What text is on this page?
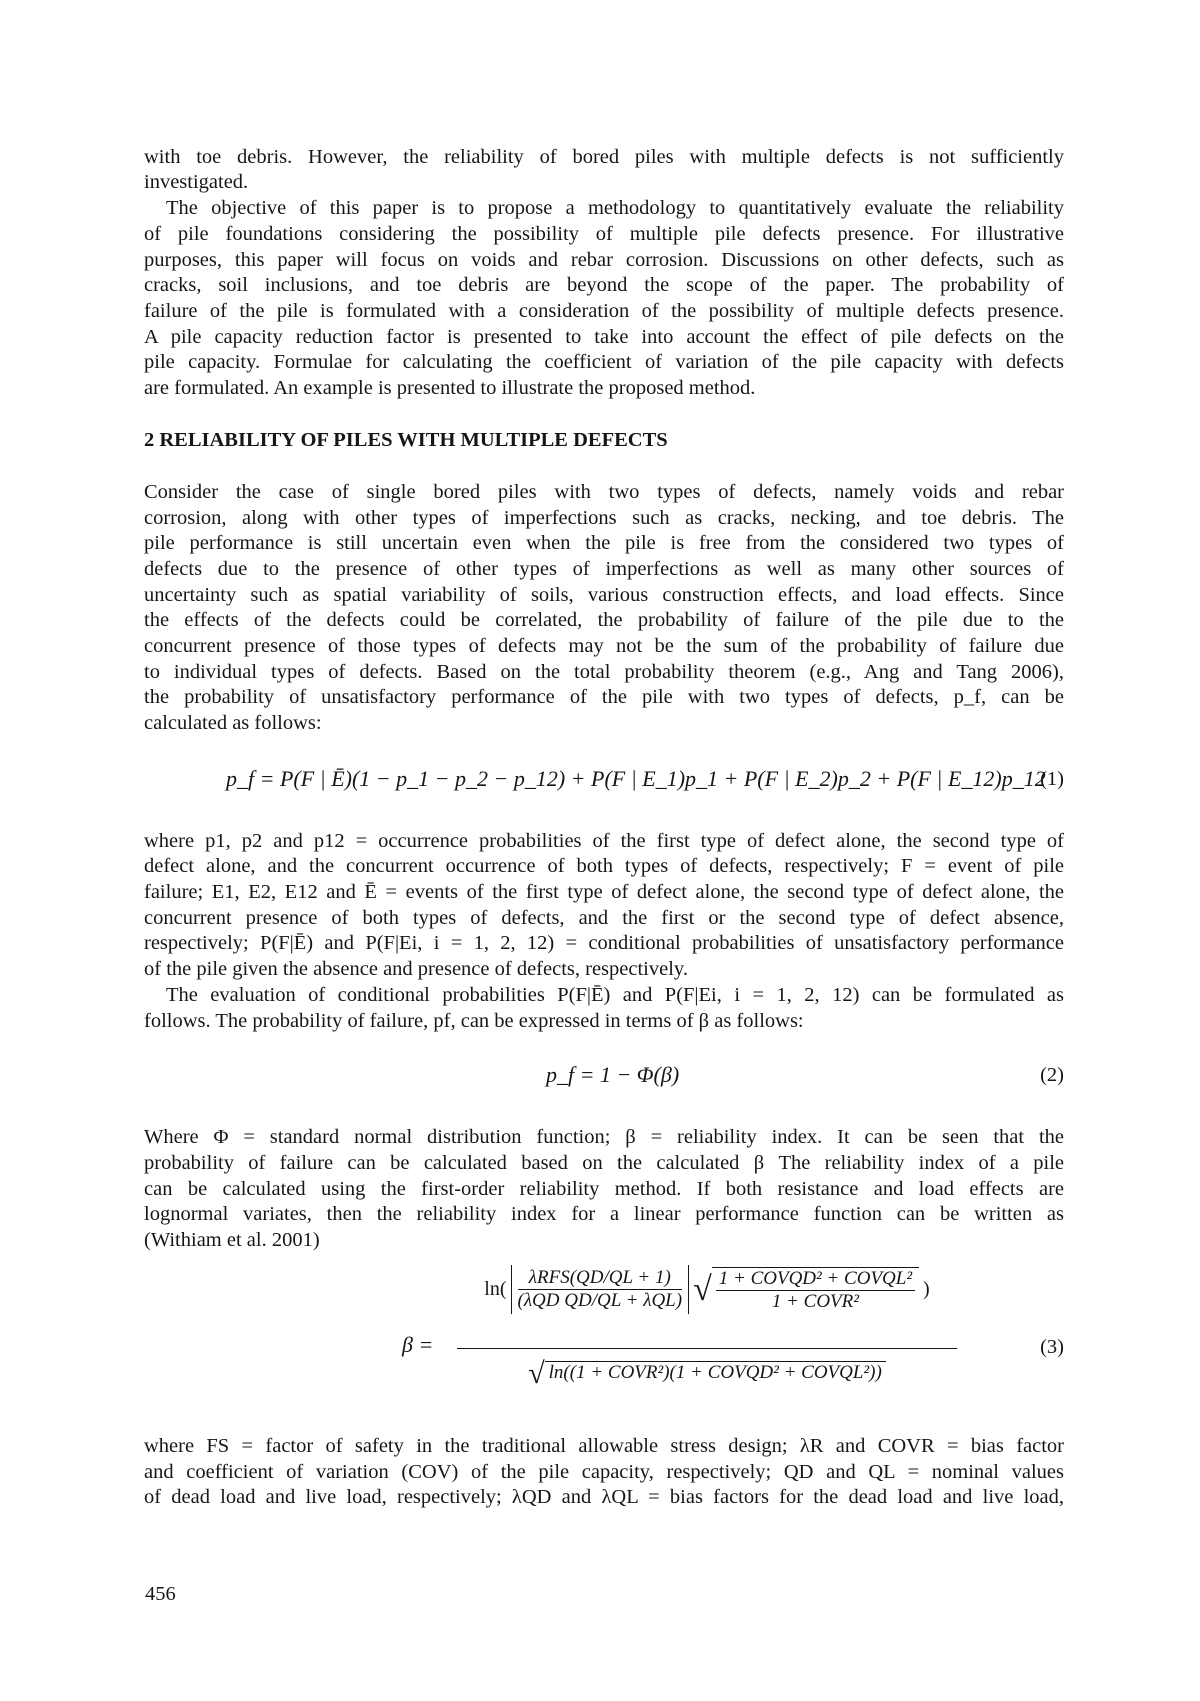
with toe debris. However, the reliability of bored piles with multiple defects is not sufficiently
investigated.
The objective of this paper is to propose a methodology to quantitatively evaluate the reliability
of pile foundations considering the possibility of multiple pile defects presence. For illustrative
purposes, this paper will focus on voids and rebar corrosion. Discussions on other defects, such as
cracks, soil inclusions, and toe debris are beyond the scope of the paper. The probability of
failure of the pile is formulated with a consideration of the possibility of multiple defects presence.
A pile capacity reduction factor is presented to take into account the effect of pile defects on the
pile capacity. Formulae for calculating the coefficient of variation of the pile capacity with defects
are formulated. An example is presented to illustrate the proposed method.
2 RELIABILITY OF PILES WITH MULTIPLE DEFECTS
Consider the case of single bored piles with two types of defects, namely voids and rebar
corrosion, along with other types of imperfections such as cracks, necking, and toe debris. The
pile performance is still uncertain even when the pile is free from the considered two types of
defects due to the presence of other types of imperfections as well as many other sources of
uncertainty such as spatial variability of soils, various construction effects, and load effects. Since
the effects of the defects could be correlated, the probability of failure of the pile due to the
concurrent presence of those types of defects may not be the sum of the probability of failure due
to individual types of defects. Based on the total probability theorem (e.g., Ang and Tang 2006),
the probability of unsatisfactory performance of the pile with two types of defects, p_f, can be
calculated as follows:
p_f = P(F | Ē)(1 − p_1 − p_2 − p_12) + P(F | E_1)p_1 + P(F | E_2)p_2 + P(F | E_12)p_12
(1)
where p1, p2 and p12 = occurrence probabilities of the first type of defect alone, the second type of
defect alone, and the concurrent occurrence of both types of defects, respectively; F = event of pile
failure; E1, E2, E12 and Ē = events of the first type of defect alone, the second type of defect alone, the
concurrent presence of both types of defects, and the first or the second type of defect absence,
respectively; P(F|Ē) and P(F|Ei, i = 1, 2, 12) = conditional probabilities of unsatisfactory performance
of the pile given the absence and presence of defects, respectively.
The evaluation of conditional probabilities P(F|Ē) and P(F|Ei, i = 1, 2, 12) can be formulated as
follows. The probability of failure, pf, can be expressed in terms of β as follows:
p_f = 1 − Φ(β)	(2)
Where Φ = standard normal distribution function; β = reliability index. It can be seen that the
probability of failure can be calculated based on the calculated β The reliability index of a pile
can be calculated using the first-order reliability method. If both resistance and load effects are
lognormal variates, then the reliability index for a linear performance function can be written as
(Withiam et al. 2001)
β =
$\ln( \frac{\text{λRFS(QD/QL + 1)}}{\text{(λQD QD/QL + λQL)}}$ √ $\frac{\text{1 + COVQD² + COVQL²}}{\text{1 + COVR²}}$ )
√ ln((1 + COVR²)(1 + COVQD² + COVQL²))
(3)
where FS = factor of safety in the traditional allowable stress design; λR and COVR = bias factor
and coefficient of variation (COV) of the pile capacity, respectively; QD and QL = nominal values
of dead load and live load, respectively; λQD and λQL = bias factors for the dead load and live load,
456
